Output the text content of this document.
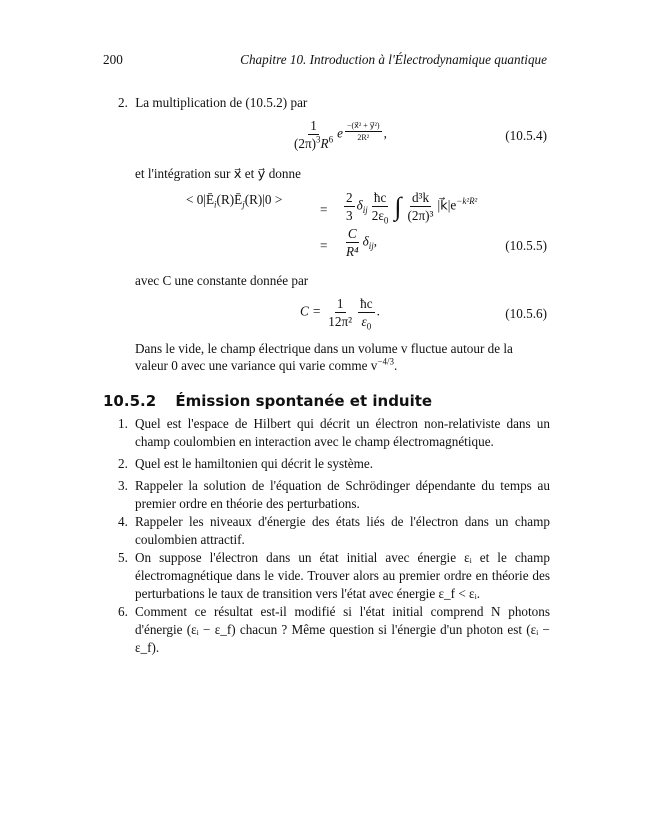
200	Chapitre 10. Introduction à l'Électrodynamique quantique
2. La multiplication de (10.5.2) par
$\frac{1}{(2\pi)^3R^6}$ e $\frac{\text{−(x⃗² + y⃗²)}}{\text{2R²}}$ ,	(10.5.4)
et l'intégration sur x⃗ et y⃗ donne
< $0|Ē_i(R)Ē_j(R)|0$ >
= $\frac{2}{3} \delta_{ij} \frac{ħc}{2\varepsilon_0}$ ∫ $\frac{\text{d³k}}{\text{(2π)³}}$ $|k⃗|e^{-k^2R^2}$
= $\frac{C}{\text{R⁴}} \delta_{ij}$,	(10.5.5)
avec C une constante donnée par
$C = \frac{1}{\text{12π²}} \frac{ħc}{\varepsilon_0}$ .	(10.5.6)
Dans le vide, le champ électrique dans un volume v fluctue autour de la
valeur 0 avec une variance qui varie comme $v^{-4/3}$.
10.5.2 Émission spontanée et induite
1. Quel est l'espace de Hilbert qui décrit un électron non-relativiste dans un champ coulombien en interaction avec le champ électromagnétique.
2. Quel est le hamiltonien qui décrit le système.
3. Rappeler la solution de l'équation de Schrödinger dépendante du temps au premier ordre en théorie des perturbations.
4. Rappeler les niveaux d'énergie des états liés de l'électron dans un champ coulombien attractif.
5. On suppose l'électron dans un état initial avec énergie εᵢ et le champ électromagnétique dans le vide. Trouver alors au premier ordre en théorie des perturbations le taux de transition vers l'état avec énergie ε_f < εᵢ.
6. Comment ce résultat est-il modifié si l'état initial comprend N photons d'énergie (εᵢ − ε_f) chacun ? Même question si l'énergie d'un photon est (εᵢ − ε_f).
